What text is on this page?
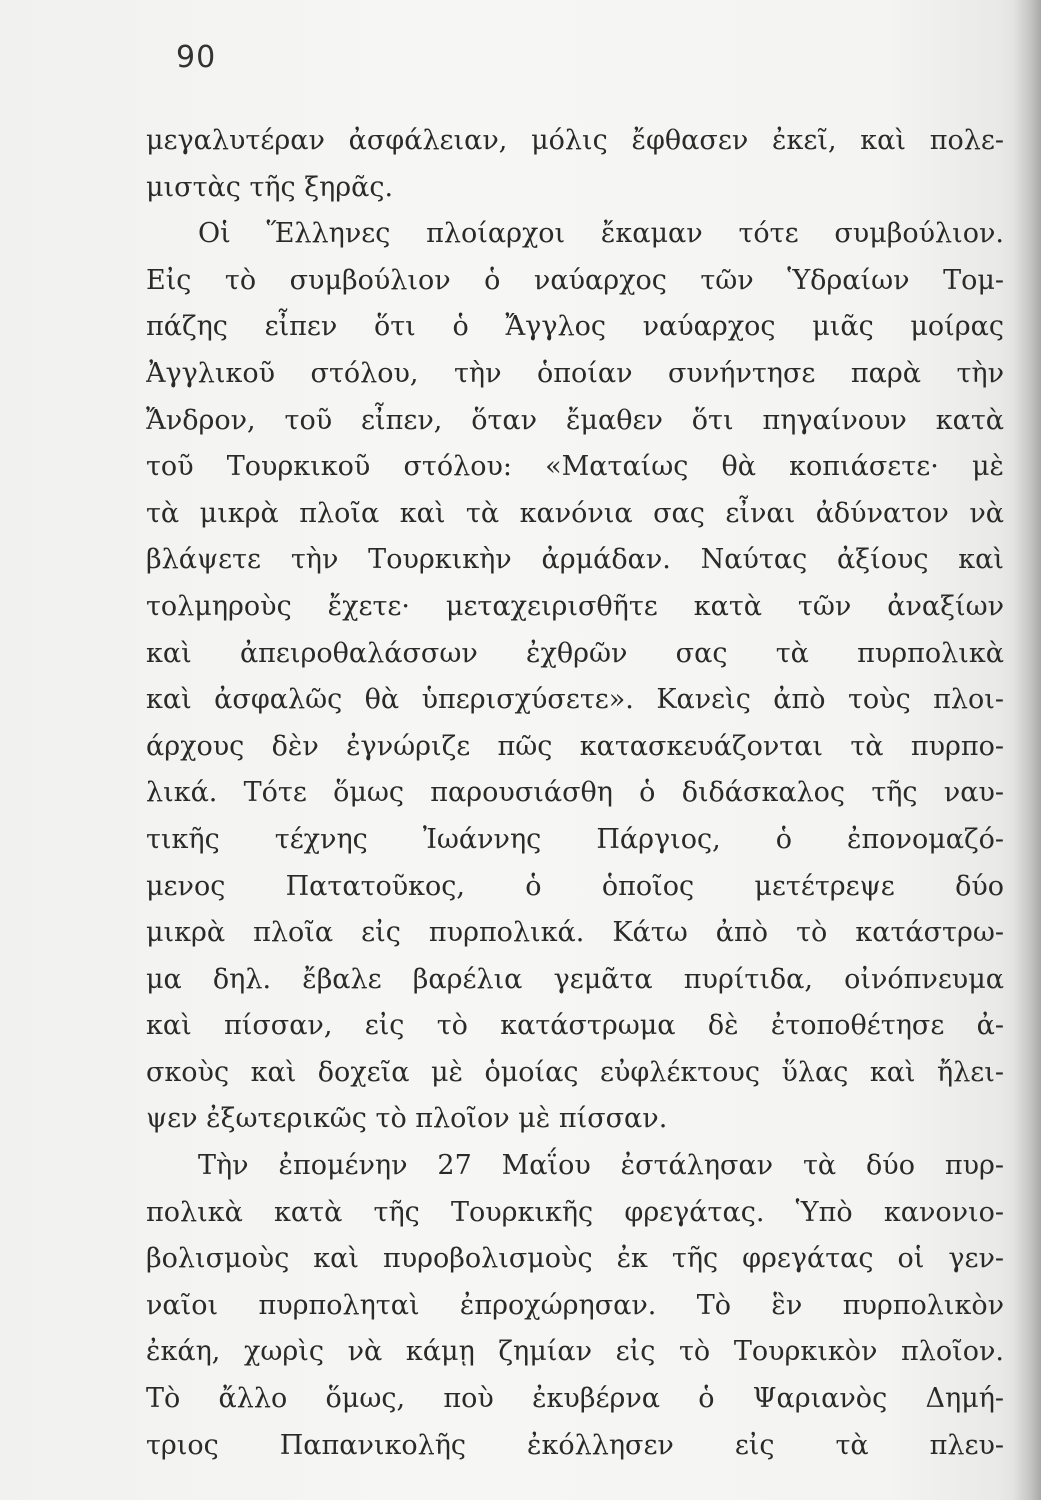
90
μεγαλυτέραν ἀσφάλειαν, μόλις ἔφθασεν ἐκεῖ, καὶ πολε-
μιστὰς τῆς ξηρᾶς.
Οἱ Ἕλληνες πλοίαρχοι ἔκαμαν τότε συμβούλιον.
Εἰς τὸ συμβούλιον ὁ ναύαρχος τῶν Ὑδραίων Τομ-
πάζης εἶπεν ὅτι ὁ Ἄγγλος ναύαρχος μιᾶς μοίρας
Ἀγγλικοῦ στόλου, τὴν ὁποίαν συνήντησε παρὰ τὴν
Ἄνδρον, τοῦ εἶπεν, ὅταν ἔμαθεν ὅτι πηγαίνουν κατὰ
τοῦ Τουρκικοῦ στόλου: «Ματαίως θὰ κοπιάσετε· μὲ
τὰ μικρὰ πλοῖα καὶ τὰ κανόνια σας εἶναι ἀδύνατον νὰ
βλάψετε τὴν Τουρκικὴν ἀρμάδαν. Ναύτας ἀξίους καὶ
τολμηροὺς ἔχετε· μεταχειρισθῆτε κατὰ τῶν ἀναξίων
καὶ ἀπειροθαλάσσων ἐχθρῶν σας τὰ πυρπολικὰ
καὶ ἀσφαλῶς θὰ ὑπερισχύσετε». Κανεὶς ἀπὸ τοὺς πλοι-
άρχους δὲν ἐγνώριζε πῶς κατασκευάζονται τὰ πυρπο-
λικά. Τότε ὅμως παρουσιάσθη ὁ διδάσκαλος τῆς ναυ-
τικῆς τέχνης Ἰωάννης Πάργιος, ὁ ἐπονομαζό-
μενος Πατατοῦκος, ὁ ὁποῖος μετέτρεψε δύο
μικρὰ πλοῖα εἰς πυρπολικά. Κάτω ἀπὸ τὸ κατάστρω-
μα δηλ. ἔβαλε βαρέλια γεμᾶτα πυρίτιδα, οἰνόπνευμα
καὶ πίσσαν, εἰς τὸ κατάστρωμα δὲ ἐτοποθέτησε ἀ-
σκοὺς καὶ δοχεῖα μὲ ὁμοίας εὐφλέκτους ὕλας καὶ ἤλει-
ψεν ἐξωτερικῶς τὸ πλοῖον μὲ πίσσαν.
Τὴν ἐπομένην 27 Μαΐου ἐστάλησαν τὰ δύο πυρ-
πολικὰ κατὰ τῆς Τουρκικῆς φρεγάτας. Ὑπὸ κανονιο-
βολισμοὺς καὶ πυροβολισμοὺς ἐκ τῆς φρεγάτας οἱ γεν-
ναῖοι πυρποληταὶ ἐπροχώρησαν. Τὸ ἓν πυρπολικὸν
ἐκάη, χωρὶς νὰ κάμῃ ζημίαν εἰς τὸ Τουρκικὸν πλοῖον.
Τὸ ἄλλο ὅμως, ποὺ ἐκυβέρνα ὁ Ψαριανὸς Δημή-
τριος Παπανικολῆς ἐκόλλησεν εἰς τὰ πλευ-
